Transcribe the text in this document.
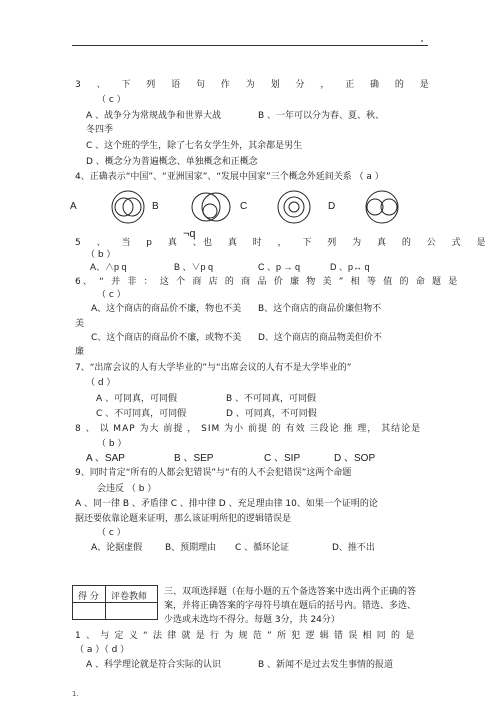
3 、 下 列 语 句 作 为 划 分 ， 正 确 的 是
（ c ）
A 、战争分为常规战争和世界大战	B 、一年可以分为春、夏、秋、
冬四季
C 、这个班的学生，除了七名女学生外，其余都是男生
D 、概念分为普遍概念、单独概念和正概念
4、正确表示“中国”、“亚洲国家”、“发展中国家”三个概念外延间关系 （ a ）
A	B	C	D
5 、 当 p 真 、
¬q
也 真 时 ， 下 列 为 真 的 公 式 是
（ b ）
A、∧p q	B 、∨p q	C 、p → q	D 、p↔ q
6、 “ 并 非 ： 这 个 商 店 的 商 品 价 廉 物 美 ” 相 等 值 的 命 题 是
（ c ）
A、这个商店的商品价不廉，物也不美 B、这个商店的商品价廉但物不
美
C、这个商店的商品价不廉，或物不美 D、这个商店的商品物美但价不
廉
7、“出席会议的人有大学毕业的”与“出席会议的人有不是大学毕业的”
（ d ）
A 、可同真，可同假	B 、不可同真，可同假
C 、不可同真，可同假	D 、可同真，不可同假
8 、 以 MAP 为大 前提 ， SIM 为小 前提 的 有效 三段论 推 理， 其结论是
（ b ）
A 、SAP	B 、SEP	C 、SIP	D 、SOP
9、同时肯定“所有的人都会犯错误”与“有的人不会犯错误”这两个命题
会违反 （ b ）
A 、同一律 B 、矛盾律 C 、排中律 D 、充足理由律 10、如果一个证明的论
据还要依靠论题来证明，那么该证明所犯的逻辑错误是
（ c ）
A、论据虚假	B、预期理由 C 、循环论证	D、推不出
得 分 评卷教师 三、双项选择题（在每小题的五个备选答案中选出两个正确的答
案，并将正确答案的字母符号填在题后的括号内。错选、多选、
少选或未选均不得分。每题 3分，共 24分）
1 、 与 定 义 “ 法 律 就 是 行 为 规 范 ” 所 犯 逻 辑 错 误 相 同 的 是
（ a ）（ d ）
A 、科学理论就是符合实际的认识	B 、新闻不是过去发生事情的报道
1.
